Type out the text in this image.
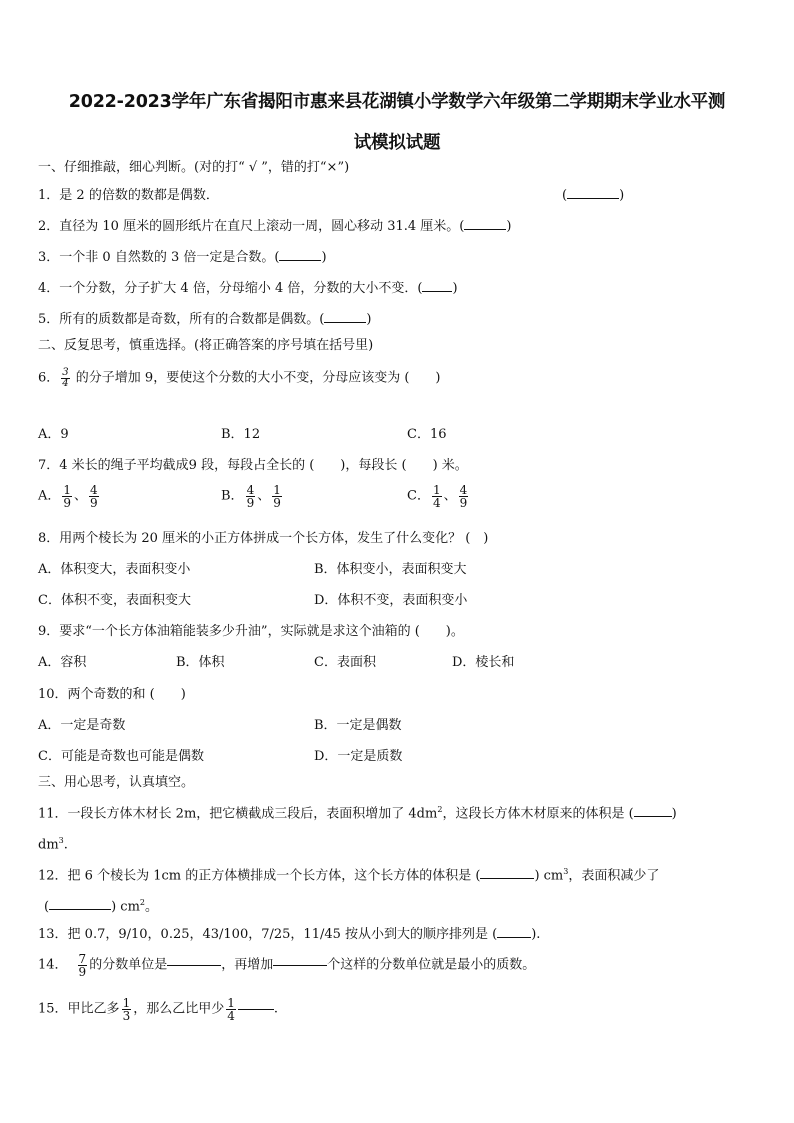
2022-2023学年广东省揭阳市惠来县花湖镇小学数学六年级第二学期期末学业水平测
试模拟试题
一、仔细推敲，细心判断。(对的打“ √ ”，错的打“×”)
1．是 2 的倍数的数都是偶数．	(	)
2．直径为 10 厘米的圆形纸片在直尺上滚动一周，圆心移动 31.4 厘米。(	)
3．一个非 0 自然数的 3 倍一定是合数。(	)
4．一个分数，分子扩大 4 倍，分母缩小 4 倍，分数的大小不变．( )
5．所有的质数都是奇数，所有的合数都是偶数。(	)
二、反复思考，慎重选择。(将正确答案的序号填在括号里)
6． $\frac{3}{4}$ 的分子增加 9，要使这个分数的大小不变，分母应该变为 (　　)
A．9	B．12	C．16
7．4 米长的绳子平均截成9 段，每段占全长的 (　　)，每段长 (　　) 米。
A． $\frac{1}{9}$ 、 $\frac{4}{9}$	B． $\frac{4}{9}$ 、 $\frac{1}{9}$	C． $\frac{1}{4}$ 、 $\frac{4}{9}$
8．用两个棱长为 20 厘米的小正方体拼成一个长方体，发生了什么变化？ (　)
A．体积变大，表面积变小	B．体积变小，表面积变大
C．体积不变，表面积变大	D．体积不变，表面积变小
9．要求“一个长方体油箱能装多少升油”，实际就是求这个油箱的 (　　)。
A．容积	B．体积	C．表面积	D．棱长和
10．两个奇数的和 (　　)
A．一定是奇数	B．一定是偶数
C．可能是奇数也可能是偶数	D．一定是质数
三、用心思考，认真填空。
11．一段长方体木材长 2m，把它横截成三段后，表面积增加了 $4dm^2$，这段长方体木材原来的体积是 (	)
$dm^3$.
12．把 6 个棱长为 1cm 的正方体横排成一个长方体，这个长方体的体积是 (	) $cm^3$，表面积减少了
(	) $cm^2$。
13．把 0.7，9/10，0.25，43/100，7/25，11/45 按从小到大的顺序排列是 (	).
14． $\frac{7}{9}$ 的分数单位是	，再增加	个这样的分数单位就是最小的质数。
15．甲比乙多 $\frac{1}{3}$ ，那么乙比甲少 $\frac{1}{4}$	.
